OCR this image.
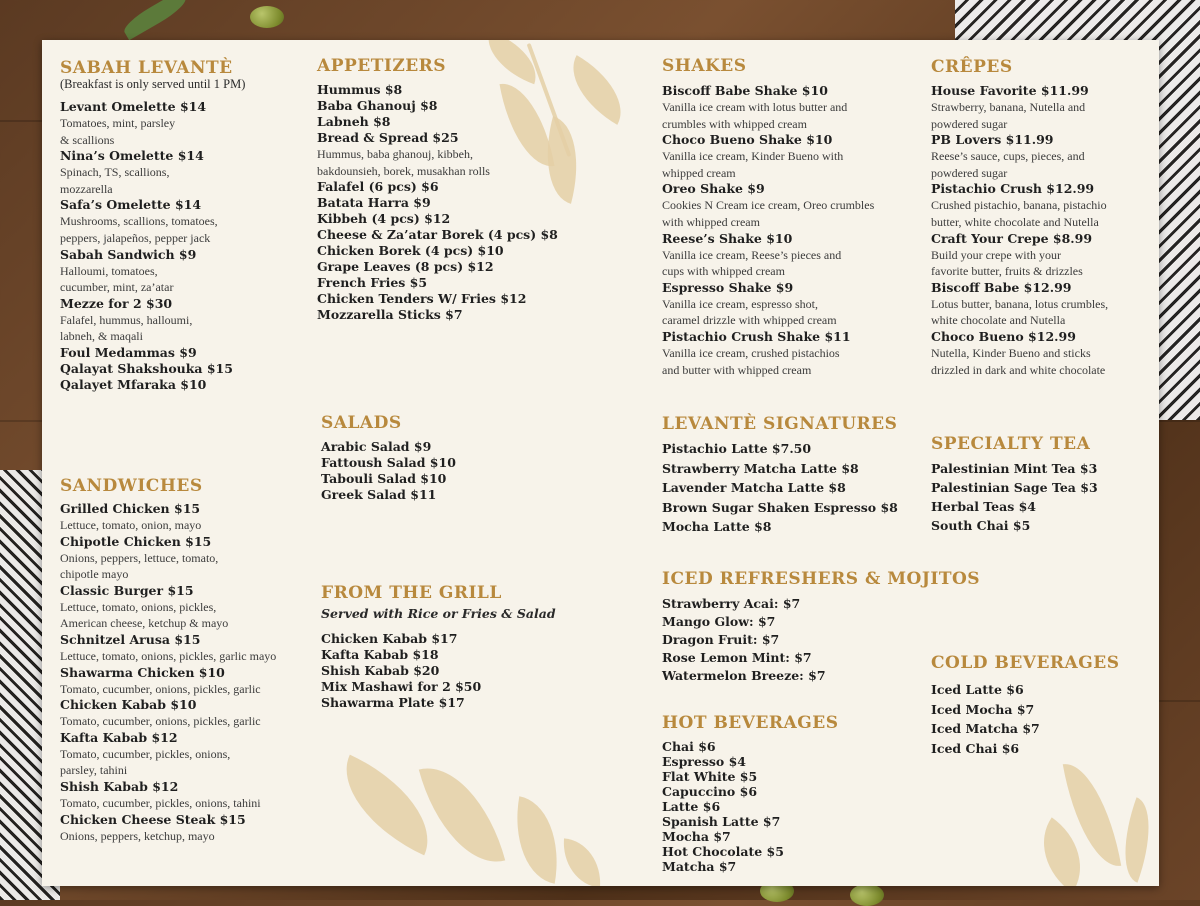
SABAH LEVANTÈ
(Breakfast is only served until 1 PM)
Levant Omelette $14
Tomatoes, mint, parsley
& scallions
Nina’s Omelette $14
Spinach, TS, scallions,
mozzarella
Safa’s Omelette $14
Mushrooms, scallions, tomatoes,
peppers, jalapeños, pepper jack
Sabah Sandwich $9
Halloumi, tomatoes,
cucumber, mint, za’atar
Mezze for 2 $30
Falafel, hummus, halloumi,
labneh, & maqali
Foul Medammas $9
Qalayat Shakshouka $15
Qalayet Mfaraka $10
SANDWICHES
Grilled Chicken $15
Lettuce, tomato, onion, mayo
Chipotle Chicken $15
Onions, peppers, lettuce, tomato,
chipotle mayo
Classic Burger $15
Lettuce, tomato, onions, pickles,
American cheese, ketchup & mayo
Schnitzel Arusa $15
Lettuce, tomato, onions, pickles, garlic mayo
Shawarma Chicken $10
Tomato, cucumber, onions, pickles, garlic
Chicken Kabab $10
Tomato, cucumber, onions, pickles, garlic
Kafta Kabab $12
Tomato, cucumber, pickles, onions,
parsley, tahini
Shish Kabab $12
Tomato, cucumber, pickles, onions, tahini
Chicken Cheese Steak $15
Onions, peppers, ketchup, mayo
APPETIZERS
Hummus $8
Baba Ghanouj $8
Labneh $8
Bread & Spread $25
Hummus, baba ghanouj, kibbeh,
bakdounsieh, borek, musakhan rolls
Falafel (6 pcs) $6
Batata Harra $9
Kibbeh (4 pcs) $12
Cheese & Za’atar Borek (4 pcs) $8
Chicken Borek (4 pcs) $10
Grape Leaves (8 pcs) $12
French Fries $5
Chicken Tenders W/ Fries $12
Mozzarella Sticks $7
SALADS
Arabic Salad $9
Fattoush Salad $10
Tabouli Salad $10
Greek Salad $11
FROM THE GRILL
Served with Rice or Fries & Salad
Chicken Kabab $17
Kafta Kabab $18
Shish Kabab $20
Mix Mashawi for 2 $50
Shawarma Plate $17
SHAKES
Biscoff Babe Shake $10
Vanilla ice cream with lotus butter and
crumbles with whipped cream
Choco Bueno Shake $10
Vanilla ice cream, Kinder Bueno with
whipped cream
Oreo Shake $9
Cookies N Cream ice cream, Oreo crumbles
with whipped cream
Reese’s Shake $10
Vanilla ice cream, Reese’s pieces and
cups with whipped cream
Espresso Shake $9
Vanilla ice cream, espresso shot,
caramel drizzle with whipped cream
Pistachio Crush Shake $11
Vanilla ice cream, crushed pistachios
and butter with whipped cream
LEVANTÈ SIGNATURES
Pistachio Latte $7.50
Strawberry Matcha Latte $8
Lavender Matcha Latte $8
Brown Sugar Shaken Espresso $8
Mocha Latte $8
ICED REFRESHERS & MOJITOS
Strawberry Acai: $7
Mango Glow: $7
Dragon Fruit: $7
Rose Lemon Mint: $7
Watermelon Breeze: $7
HOT BEVERAGES
Chai $6
Espresso $4
Flat White $5
Capuccino $6
Latte $6
Spanish Latte $7
Mocha $7
Hot Chocolate $5
Matcha $7
CRÊPES
House Favorite $11.99
Strawberry, banana, Nutella and
powdered sugar
PB Lovers $11.99
Reese’s sauce, cups, pieces, and
powdered sugar
Pistachio Crush $12.99
Crushed pistachio, banana, pistachio
butter, white chocolate and Nutella
Craft Your Crepe $8.99
Build your crepe with your
favorite butter, fruits & drizzles
Biscoff Babe $12.99
Lotus butter, banana, lotus crumbles,
white chocolate and Nutella
Choco Bueno $12.99
Nutella, Kinder Bueno and sticks
drizzled in dark and white chocolate
SPECIALTY TEA
Palestinian Mint Tea $3
Palestinian Sage Tea $3
Herbal Teas $4
South Chai $5
COLD BEVERAGES
Iced Latte $6
Iced Mocha $7
Iced Matcha $7
Iced Chai $6
